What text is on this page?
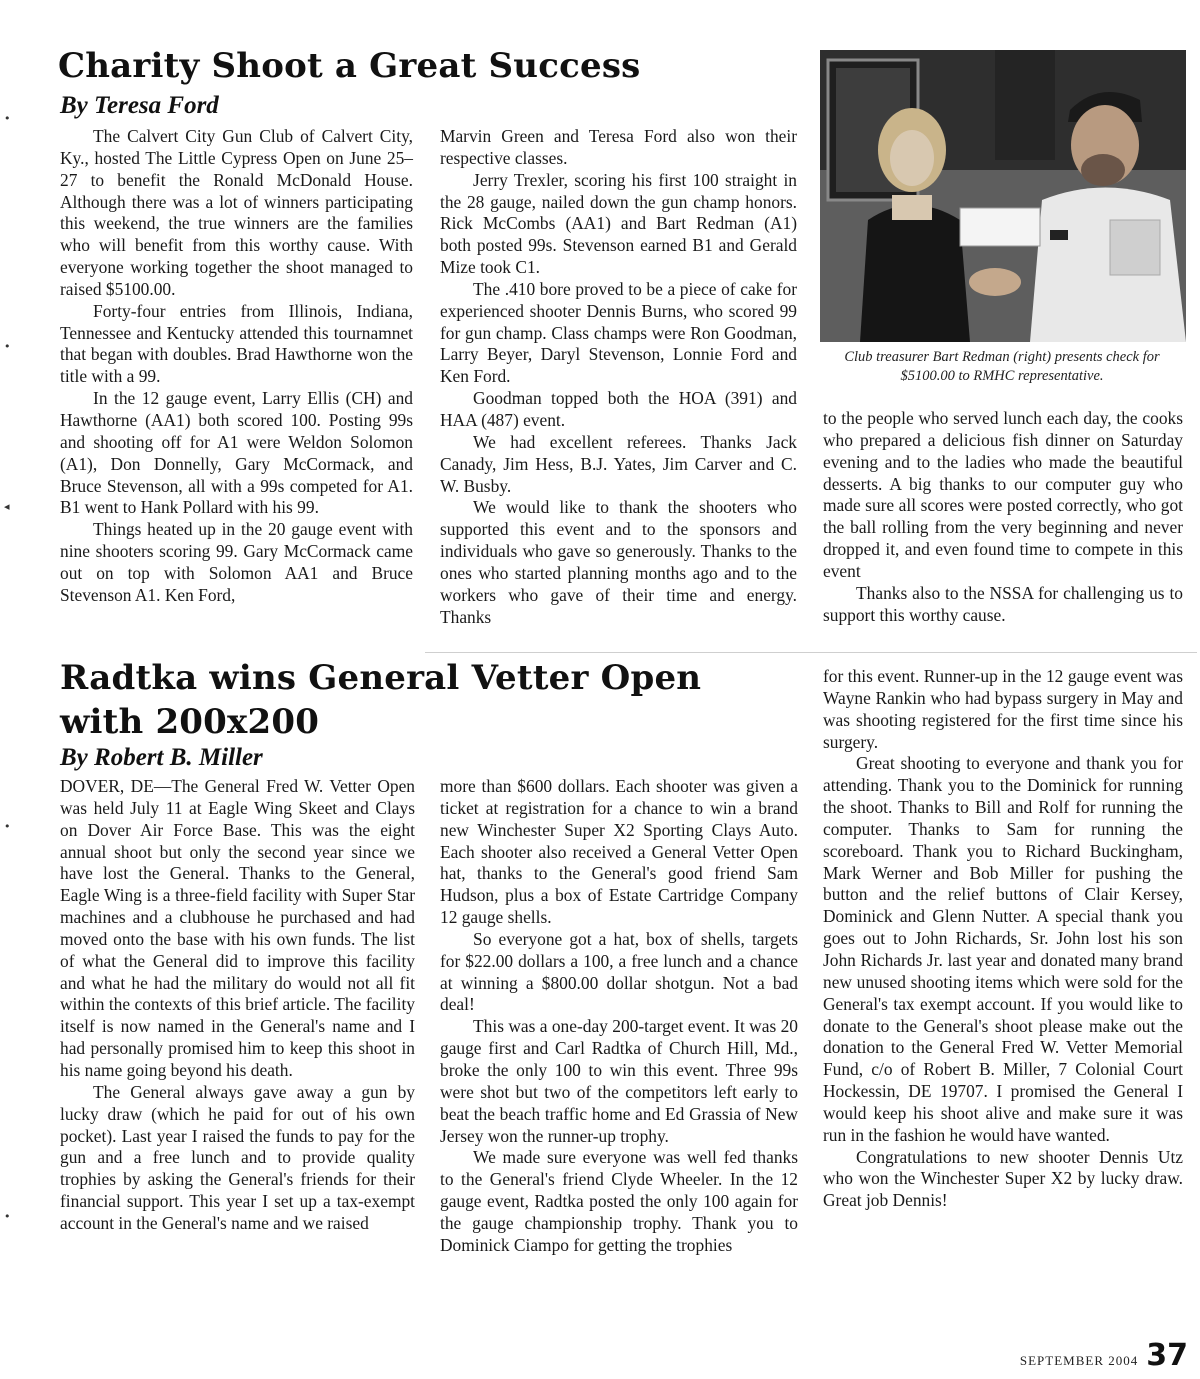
•
•
◂
•
•
Charity Shoot a Great Success
By Teresa Ford

The Calvert City Gun Club of Calvert City, Ky., hosted The Little Cypress Open on June 25–27 to benefit the Ronald McDonald House. Although there was a lot of winners participating this weekend, the true winners are the families who will benefit from this worthy cause. With everyone working together the shoot managed to raised $5100.00.

Forty-four entries from Illinois, Indiana, Tennessee and Kentucky attended this tournamnet that began with doubles. Brad Hawthorne won the title with a 99.

In the 12 gauge event, Larry Ellis (CH) and Hawthorne (AA1) both scored 100. Posting 99s and shooting off for A1 were Weldon Solomon (A1), Don Donnelly, Gary McCormack, and Bruce Stevenson, all with a 99s competed for A1. B1 went to Hank Pollard with his 99.

Things heated up in the 20 gauge event with nine shooters scoring 99. Gary McCormack came out on top with Solomon AA1 and Bruce Stevenson A1. Ken Ford,

Marvin Green and Teresa Ford also won their respective classes.

Jerry Trexler, scoring his first 100 straight in the 28 gauge, nailed down the gun champ honors. Rick McCombs (AA1) and Bart Redman (A1) both posted 99s. Stevenson earned B1 and Gerald Mize took C1.

The .410 bore proved to be a piece of cake for experienced shooter Dennis Burns, who scored 99 for gun champ. Class champs were Ron Goodman, Larry Beyer, Daryl Stevenson, Lonnie Ford and Ken Ford.

Goodman topped both the HOA (391) and HAA (487) event.

We had excellent referees. Thanks Jack Canady, Jim Hess, B.J. Yates, Jim Carver and C. W. Busby.

We would like to thank the shooters who supported this event and to the sponsors and individuals who gave so generously. Thanks to the ones who started planning months ago and to the workers who gave of their time and energy. Thanks

Club treasurer Bart Redman (right) presents check for $5100.00 to RMHC representative.

to the people who served lunch each day, the cooks who prepared a delicious fish dinner on Saturday evening and to the ladies who made the beautiful desserts. A big thanks to our computer guy who made sure all scores were posted correctly, who got the ball rolling from the very beginning and never dropped it, and even found time to compete in this event

Thanks also to the NSSA for challenging us to support this worthy cause.

Radtka wins General Vetter Open
with 200x200
By Robert B. Miller

DOVER, DE—The General Fred W. Vetter Open was held July 11 at Eagle Wing Skeet and Clays on Dover Air Force Base. This was the eight annual shoot but only the second year since we have lost the General. Thanks to the General, Eagle Wing is a three-field facility with Super Star machines and a clubhouse he purchased and had moved onto the base with his own funds. The list of what the General did to improve this facility and what he had the military do would not all fit within the contexts of this brief article. The facility itself is now named in the General's name and I had personally promised him to keep this shoot in his name going beyond his death.

The General always gave away a gun by lucky draw (which he paid for out of his own pocket). Last year I raised the funds to pay for the gun and a free lunch and to provide quality trophies by asking the General's friends for their financial support. This year I set up a tax-exempt account in the General's name and we raised

more than $600 dollars. Each shooter was given a ticket at registration for a chance to win a brand new Winchester Super X2 Sporting Clays Auto. Each shooter also received a General Vetter Open hat, thanks to the General's good friend Sam Hudson, plus a box of Estate Cartridge Company 12 gauge shells.

So everyone got a hat, box of shells, targets for $22.00 dollars a 100, a free lunch and a chance at winning a $800.00 dollar shotgun. Not a bad deal!

This was a one-day 200-target event. It was 20 gauge first and Carl Radtka of Church Hill, Md., broke the only 100 to win this event. Three 99s were shot but two of the competitors left early to beat the beach traffic home and Ed Grassia of New Jersey won the runner-up trophy.

We made sure everyone was well fed thanks to the General's friend Clyde Wheeler. In the 12 gauge event, Radtka posted the only 100 again for the gauge championship trophy. Thank you to Dominick Ciampo for getting the trophies

for this event. Runner-up in the 12 gauge event was Wayne Rankin who had bypass surgery in May and was shooting registered for the first time since his surgery.

Great shooting to everyone and thank you for attending. Thank you to the Dominick for running the shoot. Thanks to Bill and Rolf for running the computer. Thanks to Sam for running the scoreboard. Thank you to Richard Buckingham, Mark Werner and Bob Miller for pushing the button and the relief buttons of Clair Kersey, Dominick and Glenn Nutter. A special thank you goes out to John Richards, Sr. John lost his son John Richards Jr. last year and donated many brand new unused shooting items which were sold for the General's tax exempt account. If you would like to donate to the General's shoot please make out the donation to the General Fred W. Vetter Memorial Fund, c/o of Robert B. Miller, 7 Colonial Court Hockessin, DE 19707. I promised the General I would keep his shoot alive and make sure it was run in the fashion he would have wanted.

Congratulations to new shooter Dennis Utz who won the Winchester Super X2 by lucky draw. Great job Dennis!

SEPTEMBER 2004 37
